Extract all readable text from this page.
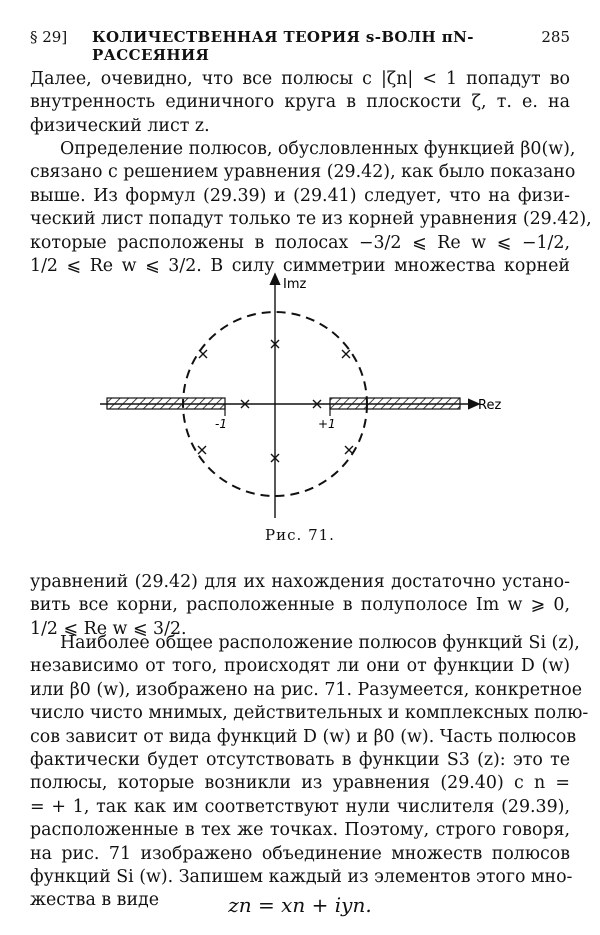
§ 29] КОЛИЧЕСТВЕННАЯ ТЕОРИЯ s-ВОЛН πN-РАССЕЯНИЯ
285

Далее, очевидно, что все полюсы с |ζn| < 1 попадут во
внутренность единичного круга в плоскости ζ, т. е. на
физический лист z.

Определение полюсов, обусловленных функцией β0(w),
связано с решением уравнения (29.42), как было показано
выше. Из формул (29.39) и (29.41) следует, что на физи-
ческий лист попадут только те из корней уравнения (29.42),
которые расположены в полосах −3/2 ⩽ Re w ⩽ −1/2,
1/2 ⩽ Re w ⩽ 3/2. В силу симметрии множества корней

Imz
Rez
-1	+1
Рис. 71.

уравнений (29.42) для их нахождения достаточно устано-
вить все корни, расположенные в полуполосе Im w ⩾ 0,
1/2 ⩽ Re w ⩽ 3/2.

Наиболее общее расположение полюсов функций Si (z),
независимо от того, происходят ли они от функции D (w)
или β0 (w), изображено на рис. 71. Разумеется, конкретное
число чисто мнимых, действительных и комплексных полю-
сов зависит от вида функций D (w) и β0 (w). Часть полюсов
фактически будет отсутствовать в функции S3 (z): это те
полюсы, которые возникли из уравнения (29.40) с n =
= + 1, так как им соответствуют нули числителя (29.39),
расположенные в тех же точках. Поэтому, строго говоря,
на рис. 71 изображено объединение множеств полюсов
функций Si (w). Запишем каждый из элементов этого мно-
жества в виде	zn = xn + iyn.
